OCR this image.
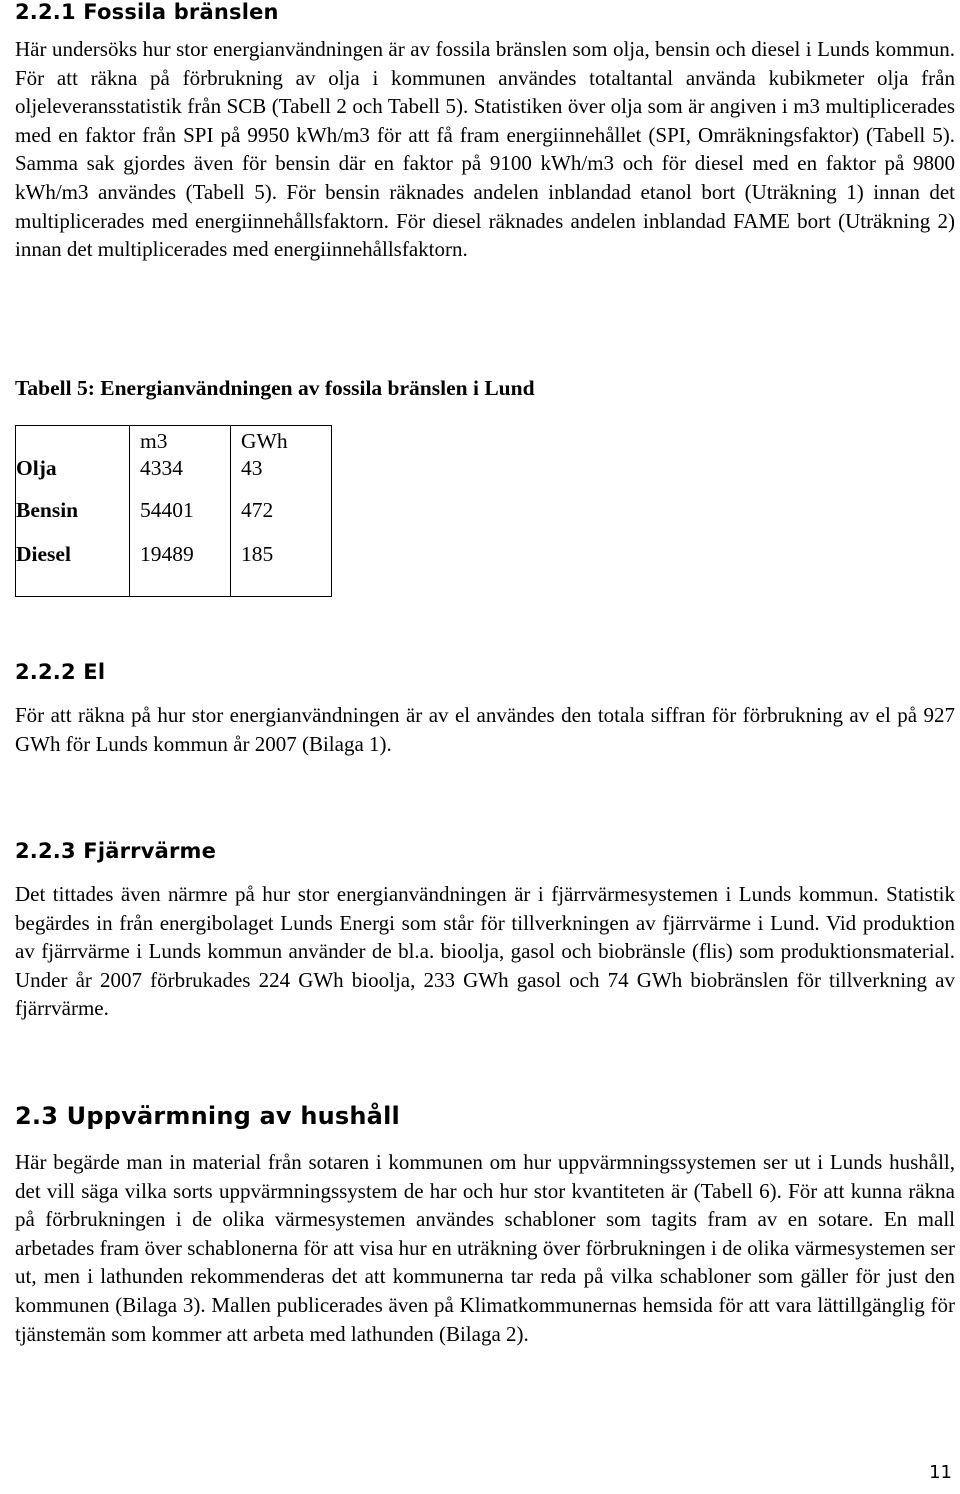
2.2.1 Fossila bränslen

Här undersöks hur stor energianvändningen är av fossila bränslen som olja, bensin och diesel i Lunds kommun. För att räkna på förbrukning av olja i kommunen användes totaltantal använda kubikmeter olja från oljeleveransstatistik från SCB (Tabell 2 och Tabell 5). Statistiken över olja som är angiven i m3 multiplicerades med en faktor från SPI på 9950 kWh/m3 för att få fram energiinnehållet (SPI, Omräkningsfaktor) (Tabell 5). Samma sak gjordes även för bensin där en faktor på 9100 kWh/m3 och för diesel med en faktor på 9800 kWh/m3 användes (Tabell 5). För bensin räknades andelen inblandad etanol bort (Uträkning 1) innan det multiplicerades med energiinnehållsfaktorn. För diesel räknades andelen inblandad FAME bort (Uträkning 2) innan det multiplicerades med energiinnehållsfaktorn.

Tabell 5: Energianvändningen av fossila bränslen i Lund
	m3	GWh
Olja	4334	43
Bensin	54401	472
Diesel	19489	185
2.2.2 El

För att räkna på hur stor energianvändningen är av el användes den totala siffran för förbrukning av el på 927 GWh för Lunds kommun år 2007 (Bilaga 1).

2.2.3 Fjärrvärme

Det tittades även närmre på hur stor energianvändningen är i fjärrvärmesystemen i Lunds kommun. Statistik begärdes in från energibolaget Lunds Energi som står för tillverkningen av fjärrvärme i Lund. Vid produktion av fjärrvärme i Lunds kommun använder de bl.a. bioolja, gasol och biobränsle (flis) som produktionsmaterial. Under år 2007 förbrukades 224 GWh bioolja, 233 GWh gasol och 74 GWh biobränslen för tillverkning av fjärrvärme.

2.3 Uppvärmning av hushåll

Här begärde man in material från sotaren i kommunen om hur uppvärmningssystemen ser ut i Lunds hushåll, det vill säga vilka sorts uppvärmningssystem de har och hur stor kvantiteten är (Tabell 6). För att kunna räkna på förbrukningen i de olika värmesystemen användes schabloner som tagits fram av en sotare. En mall arbetades fram över schablonerna för att visa hur en uträkning över förbrukningen i de olika värmesystemen ser ut, men i lathunden rekommenderas det att kommunerna tar reda på vilka schabloner som gäller för just den kommunen (Bilaga 3). Mallen publicerades även på Klimatkommunernas hemsida för att vara lättillgänglig för tjänstemän som kommer att arbeta med lathunden (Bilaga 2).

11
